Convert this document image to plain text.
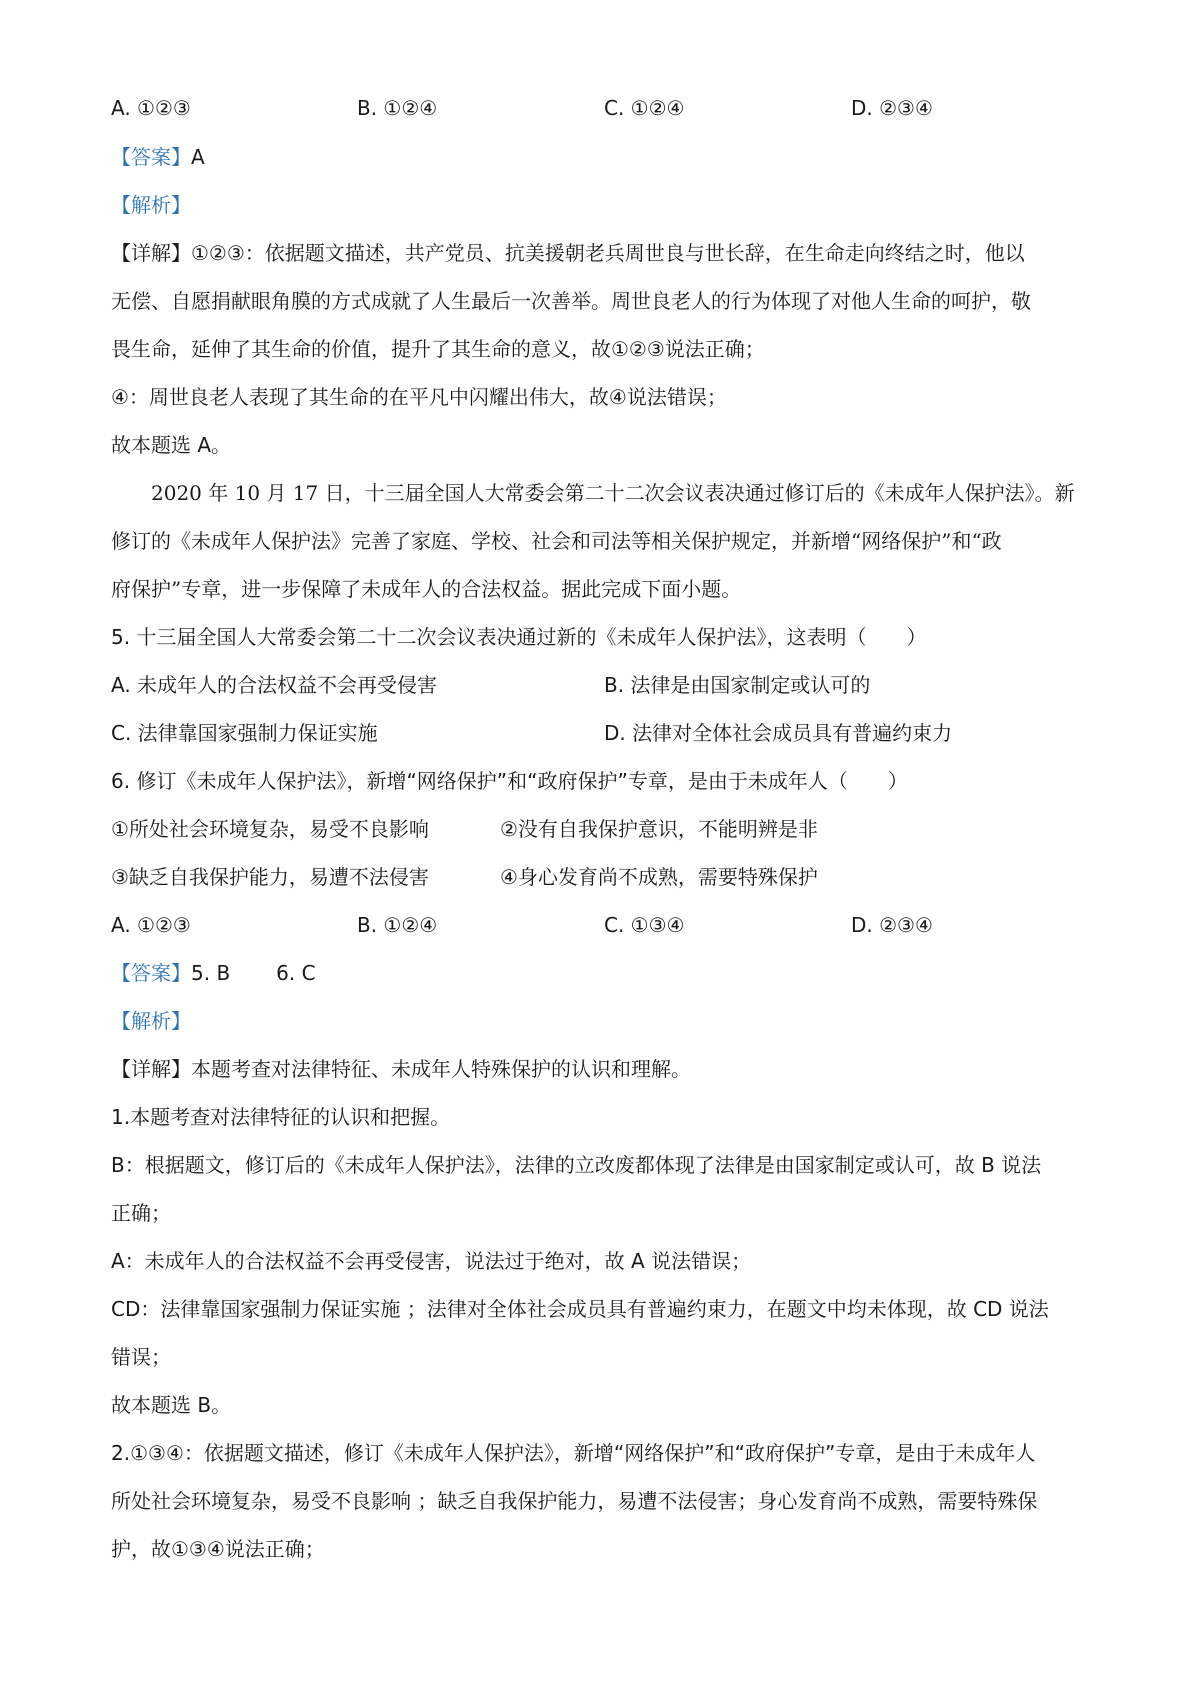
A. ①②③	B. ①②④	C. ①②④	D. ②③④
【答案】A
【解析】
【详解】①②③：依据题文描述，共产党员、抗美援朝老兵周世良与世长辞，在生命走向终结之时，他以
无偿、自愿捐献眼角膜的方式成就了人生最后一次善举。周世良老人的行为体现了对他人生命的呵护，敬
畏生命，延伸了其生命的价值，提升了其生命的意义，故①②③说法正确；
④：周世良老人表现了其生命的在平凡中闪耀出伟大，故④说法错误；
故本题选 A。
2020 年 10 月 17 日，十三届全国人大常委会第二十二次会议表决通过修订后的《未成年人保护法》。新
修订的《未成年人保护法》完善了家庭、学校、社会和司法等相关保护规定，并新增“网络保护”和“政
府保护”专章，进一步保障了未成年人的合法权益。据此完成下面小题。
5. 十三届全国人大常委会第二十二次会议表决通过新的《未成年人保护法》，这表明（　　）
A. 未成年人的合法权益不会再受侵害	B. 法律是由国家制定或认可的
C. 法律靠国家强制力保证实施	D. 法律对全体社会成员具有普遍约束力
6. 修订《未成年人保护法》，新增“网络保护”和“政府保护”专章，是由于未成年人（　　）
①所处社会环境复杂，易受不良影响	②没有自我保护意识，不能明辨是非
③缺乏自我保护能力，易遭不法侵害	④身心发育尚不成熟，需要特殊保护
A. ①②③	B. ①②④	C. ①③④	D. ②③④
【答案】5. B 6. C
【解析】
【详解】本题考查对法律特征、未成年人特殊保护的认识和理解。
1.本题考查对法律特征的认识和把握。
B：根据题文，修订后的《未成年人保护法》，法律的立改废都体现了法律是由国家制定或认可，故 B 说法
正确；
A：未成年人的合法权益不会再受侵害，说法过于绝对，故 A 说法错误；
CD：法律靠国家强制力保证实施 ；法律对全体社会成员具有普遍约束力，在题文中均未体现，故 CD 说法
错误；
故本题选 B。
2.①③④：依据题文描述，修订《未成年人保护法》，新增“网络保护”和“政府保护”专章，是由于未成年人
所处社会环境复杂，易受不良影响 ；缺乏自我保护能力，易遭不法侵害；身心发育尚不成熟，需要特殊保
护，故①③④说法正确；
